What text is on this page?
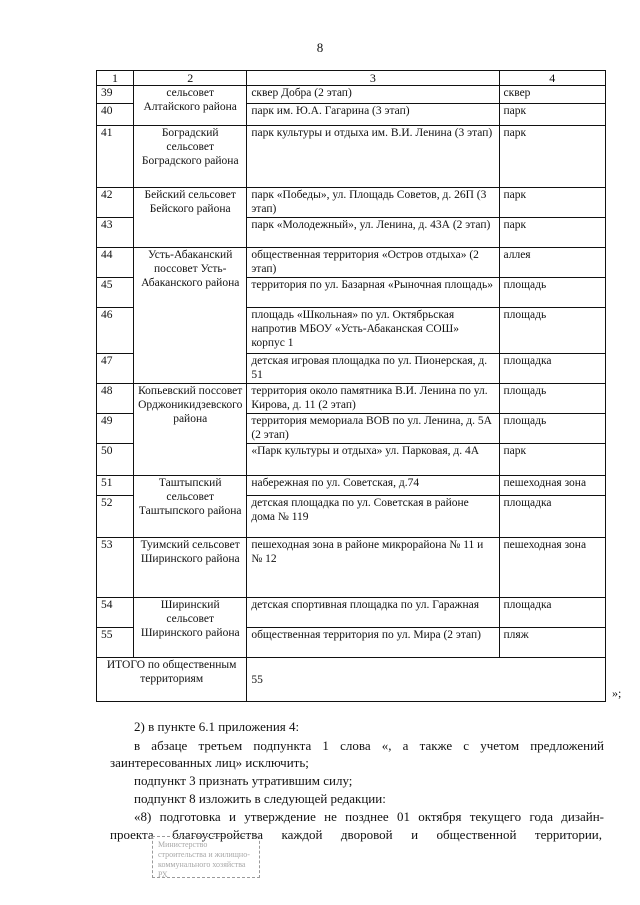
8
1	2	3	4
39	сельсовет Алтайского района	сквер Добра (2 этап)	сквер
40		парк им. Ю.А. Гагарина (3 этап)	парк
41	Боградский сельсовет Боградского района	парк культуры и отдыха им. В.И. Ленина (3 этап)	парк
42	Бейский сельсовет Бейского района	парк «Победы», ул. Площадь Советов, д. 26П (3 этап)	парк
43		парк «Молодежный», ул. Ленина, д. 43А (2 этап)	парк
44	Усть-Абаканский поссовет Усть-Абаканского района	общественная территория «Остров отдыха» (2 этап)	аллея
45		территория по ул. Базарная «Рыночная площадь»	площадь
46		площадь «Школьная» по ул. Октябрьская напротив МБОУ «Усть-Абаканская СОШ» корпус 1	площадь
47		детская игровая площадка по ул. Пионерская, д. 51	площадка
48	Копьевский поссовет Орджоникидзевского района	территория около памятника В.И. Ленина по ул. Кирова, д. 11 (2 этап)	площадь
49		территория мемориала ВОВ по ул. Ленина, д. 5А (2 этап)	площадь
50		«Парк культуры и отдыха» ул. Парковая, д. 4А	парк
51	Таштыпский сельсовет Таштыпского района	набережная по ул. Советская, д.74	пешеходная зона
52		детская площадка по ул. Советская в районе дома № 119	площадка
53	Туимский сельсовет Ширинского района	пешеходная зона в районе микрорайона № 11 и № 12	пешеходная зона
54	Ширинский сельсовет Ширинского района	детская спортивная площадка по ул. Гаражная	площадка
55		общественная территория по ул. Мира (2 этап)	пляж
ИТОГО по общественным территориям		55	
»;
2) в пункте 6.1 приложения 4:
в абзаце третьем подпункта 1 слова «, а также с учетом предложений
заинтересованных лиц» исключить;
подпункт 3 признать утратившим силу;
подпункт 8 изложить в следующей редакции:
«8) подготовка и утверждение не позднее 01 октября текущего года дизайн-
проекта благоустройства каждой дворовой и общественной территории,
Министерство строительства и жилищно-коммунального хозяйства РХ
